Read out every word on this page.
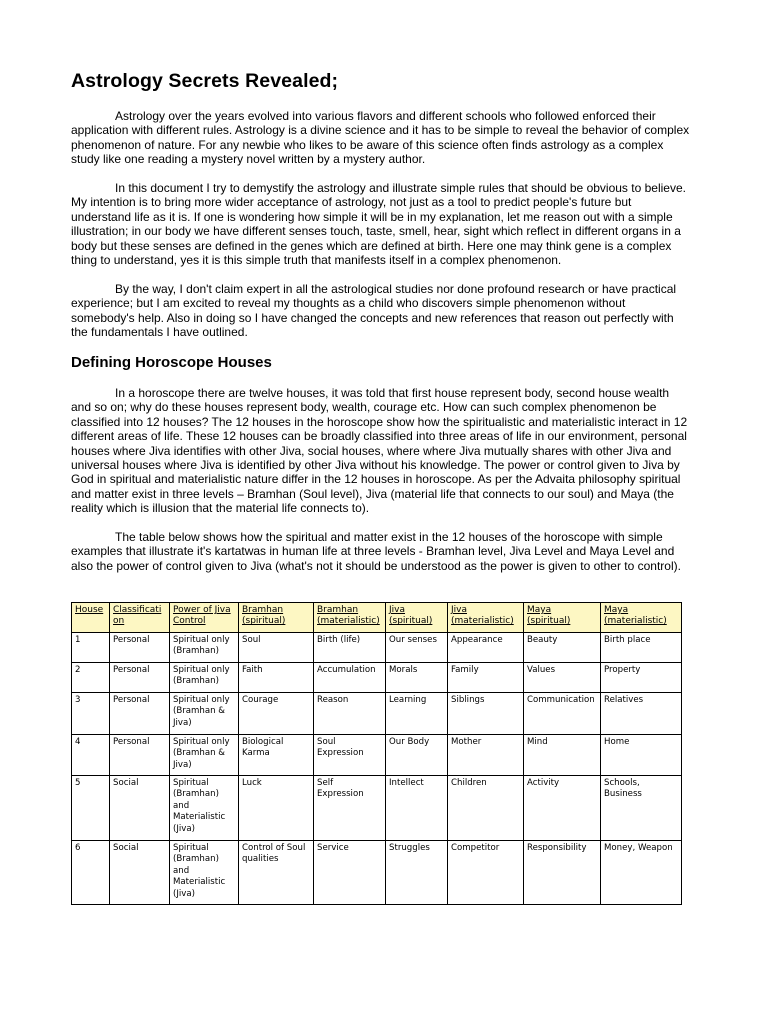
Astrology Secrets Revealed;

Astrology over the years evolved into various flavors and different schools who followed enforced their application with different rules. Astrology is a divine science and it has to be simple to reveal the behavior of complex phenomenon of nature. For any newbie who likes to be aware of this science often finds astrology as a complex study like one reading a mystery novel written by a mystery author.

In this document I try to demystify the astrology and illustrate simple rules that should be obvious to believe. My intention is to bring more wider acceptance of astrology, not just as a tool to predict people's future but understand life as it is. If one is wondering how simple it will be in my explanation, let me reason out with a simple illustration; in our body we have different senses touch, taste, smell, hear, sight which reflect in different organs in a body but these senses are defined in the genes which are defined at birth. Here one may think gene is a complex thing to understand, yes it is this simple truth that manifests itself in a complex phenomenon.

By the way, I don't claim expert in all the astrological studies nor done profound research or have practical experience; but I am excited to reveal my thoughts as a child who discovers simple phenomenon without somebody's help. Also in doing so I have changed the concepts and new references that reason out perfectly with the fundamentals I have outlined.

Defining Horoscope Houses

In a horoscope there are twelve houses, it was told that first house represent body, second house wealth and so on; why do these houses represent body, wealth, courage etc. How can such complex phenomenon be classified into 12 houses? The 12 houses in the horoscope show how the spiritualistic and materialistic interact in 12 different areas of life. These 12 houses can be broadly classified into three areas of life in our environment, personal houses where Jiva identifies with other Jiva, social houses, where where Jiva mutually shares with other Jiva and universal houses where Jiva is identified by other Jiva without his knowledge. The power or control given to Jiva by God in spiritual and materialistic nature differ in the 12 houses in horoscope. As per the Advaita philosophy spiritual and matter exist in three levels – Bramhan (Soul level), Jiva (material life that connects to our soul) and Maya (the reality which is illusion that the material life connects to).

The table below shows how the spiritual and matter exist in the 12 houses of the horoscope with simple examples that illustrate it's kartatwas in human life at three levels - Bramhan level, Jiva Level and Maya Level and also the power of control given to Jiva (what's not it should be understood as the power is given to other to control).

House	Classification	Power of Jiva Control	Bramhan (spiritual)	Bramhan (materialistic)	Jiva (spiritual)	Jiva (materialistic)	Maya (spiritual)	Maya (materialistic)
1	Personal	Spiritual only (Bramhan)	Soul	Birth (life)	Our senses	Appearance	Beauty	Birth place
2	Personal	Spiritual only (Bramhan)	Faith	Accumulation	Morals	Family	Values	Property
3	Personal	Spiritual only (Bramhan & Jiva)	Courage	Reason	Learning	Siblings	Communication	Relatives
4	Personal	Spiritual only (Bramhan & Jiva)	Biological Karma	Soul Expression	Our Body	Mother	Mind	Home
5	Social	Spiritual (Bramhan) and Materialistic (Jiva)	Luck	Self Expression	Intellect	Children	Activity	Schools, Business
6	Social	Spiritual (Bramhan) and Materialistic (Jiva)	Control of Soul qualities	Service	Struggles	Competitor	Responsibility	Money, Weapon
